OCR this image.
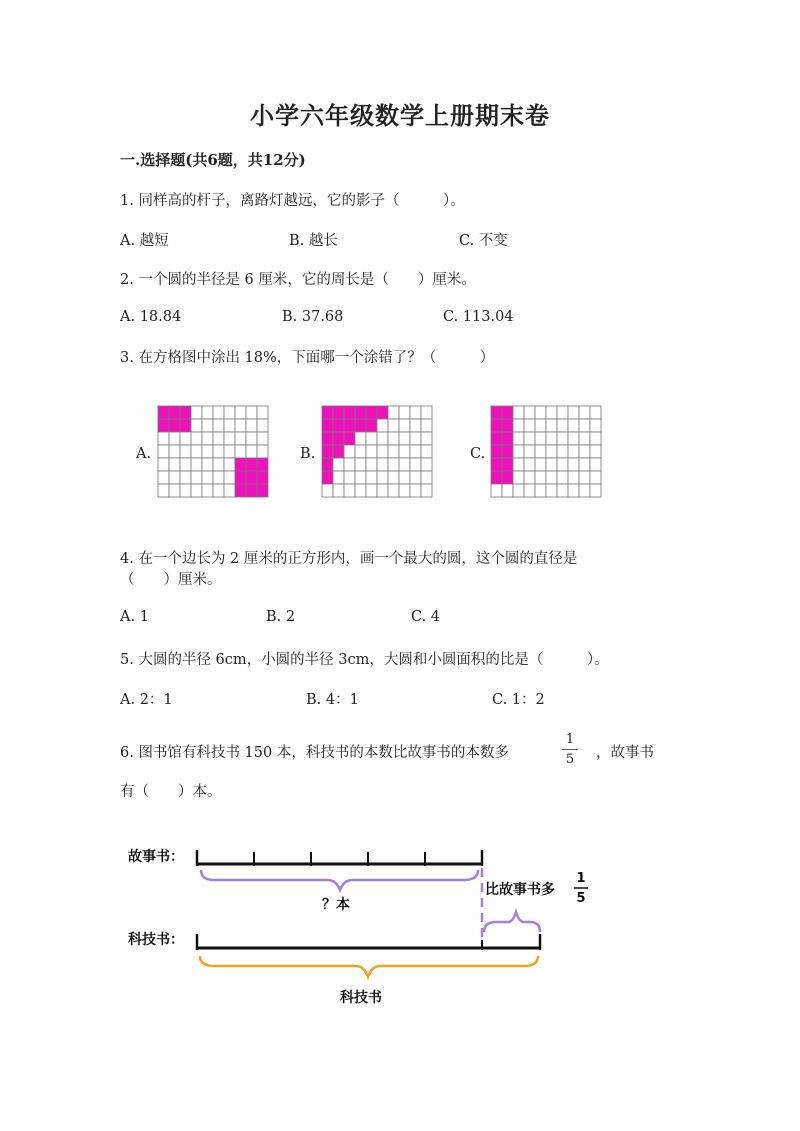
小学六年级数学上册期末卷
一.选择题(共6题，共12分)
1. 同样高的杆子，离路灯越远，它的影子（　　　）。
A. 越短	B. 越长	C. 不变
2. 一个圆的半径是 6 厘米，它的周长是（　　）厘米。
A. 18.84	B. 37.68	C. 113.04
3. 在方格图中涂出 18%，下面哪一个涂错了？（　　　）
A.	B.	C.
4. 在一个边长为 2 厘米的正方形内，画一个最大的圆，这个圆的直径是
（　　）厘米。
A. 1	B. 2	C. 4
5. 大圆的半径 6cm，小圆的半径 3cm，大圆和小圆面积的比是（　　　）。
A. 2：1	B. 4：1	C. 1：2
6. 图书馆有科技书 150 本，科技书的本数比故事书的本数多
1
5 ，故事书
有（　　）本。
故事书：
科技书：
？本
比故事书多
1
5
科技书
